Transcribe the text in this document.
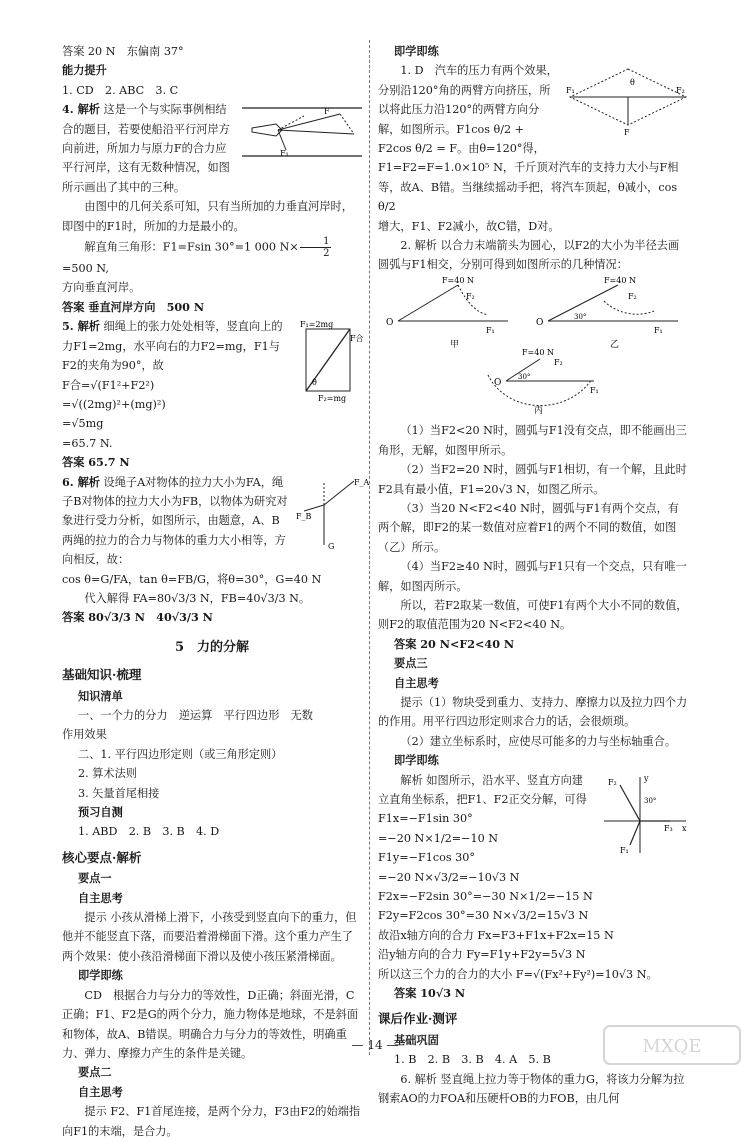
答案 20 N　东偏南 37°

能力提升

1. CD　2. ABC　3. C

F
F₁

4. 解析 这是一个与实际事例相结合的题目，若要使船沿平行河岸方向前进，所加力与原力F的合力应平行河岸，这有无数种情况，如图所示画出了其中的三种。

由图中的几何关系可知，只有当所加的力垂直河岸时，即图中的F1时，所加的力是最小的。

解直角三角形：F1=Fsin 30°=1 000 $N\times \frac{1}{2}$
=500 N,

方向垂直河岸。

答案 垂直河岸方向　500 N

F₁=2mg
F合
θ
F₂=mg

5. 解析 细绳上的张力处处相等，竖直向上的力F1=2mg，水平向右的力F2=mg，F1与F2的夹角为90°，故

F合=√(F1²+F2²)

=√((2mg)²+(mg)²)

=√5mg

=65.7 N.

答案 65.7 N

F_A
F_B
G

6. 解析 设绳子A对物体的拉力大小为FA，绳子B对物体的拉力大小为FB，以物体为研究对象进行受力分析，如图所示，由题意，A、B两绳的拉力的合力与物体的重力大小相等，方向相反，故：

cos θ=G/FA，tan θ=FB/G，将θ=30°，G=40 N

代入解得 FA=80√3/3 N，FB=40√3/3 N。

答案 80√3/3 N　40√3/3 N

5　力的分解

基础知识·梳理

知识清单

一、一个力的分力　逆运算　平行四边形　无数

作用效果

二、1. 平行四边形定则（或三角形定则）

2. 算术法则

3. 矢量首尾相接

预习自测

1. ABD　2. B　3. B　4. D

核心要点·解析

要点一

自主思考

提示 小孩从滑梯上滑下，小孩受到竖直向下的重力，但他并不能竖直下落，而要沿着滑梯面下滑。这个重力产生了两个效果：使小孩沿滑梯面下滑以及使小孩压紧滑梯面。

即学即练

CD　根据合力与分力的等效性，D正确；斜面光滑，C正确；F1、F2是G的两个分力，施力物体是地球，不是斜面和物体，故A、B错误。明确合力与分力的等效性，明确重力、弹力、摩擦力产生的条件是关键。

要点二

自主思考

提示 F2、F1首尾连接，是两个分力，F3由F2的始端指向F1的末端，是合力。

即学即练

θ
F₁	F₂
F

1. D　汽车的压力有两个效果，分别沿120°角的两臂方向挤压，所以将此压力沿120°的两臂方向分解，如图所示。F1cos θ/2 +

F2cos θ/2 = F。由θ=120°得，

F1=F2=F=1.0×10⁵ N，千斤顶对汽车的支持力大小与F相等，故A、B错。当继续摇动手把，将汽车顶起，θ减小，cos θ/2

增大，F1、F2减小，故C错，D对。

2. 解析 以合力末端箭头为圆心，以F2的大小为半径去画圆弧与F1相交，分别可得到如图所示的几种情况：

O
F=40 N
F₂
F₁
甲
O
F=40 N
F₂
F₁
30°
乙
O
F=40 N
F₂
F₁
30°
丙

（1）当F2<20 N时，圆弧与F1没有交点，即不能画出三角形，无解，如图甲所示。

（2）当F2=20 N时，圆弧与F1相切，有一个解，且此时F2具有最小值，F1=20√3 N，如图乙所示。

（3）当20 N<F2<40 N时，圆弧与F1有两个交点，有两个解，即F2的某一数值对应着F1的两个不同的数值，如图（乙）所示。

（4）当F2≥40 N时，圆弧与F1只有一个交点，只有唯一解，如图丙所示。

所以，若F2取某一数值，可使F1有两个大小不同的数值，则F2的取值范围为20 N<F2<40 N。

答案 20 N<F2<40 N

要点三

自主思考

提示（1）物块受到重力、支持力、摩擦力以及拉力四个力的作用。用平行四边形定则求合力的话，会很烦琐。

（2）建立坐标系时，应使尽可能多的力与坐标轴重合。

即学即练

y
x
F₂
F₁
F₃
30°

解析 如图所示，沿水平、竖直方向建立直角坐标系，把F1、F2正交分解，可得

F1x=−F1sin 30°

=−20 N×1/2=−10 N

F1y=−F1cos 30°

=−20 N×√3/2=−10√3 N

F2x=−F2sin 30°=−30 N×1/2=−15 N

F2y=F2cos 30°=30 N×√3/2=15√3 N

故沿x轴方向的合力 Fx=F3+F1x+F2x=15 N

沿y轴方向的合力 Fy=F1y+F2y=5√3 N

所以这三个力的合力的大小 F=√(Fx²+Fy²)=10√3 N。

答案 10√3 N

课后作业·测评

基础巩固

1. B　2. B　3. B　4. A　5. B

6. 解析 竖直绳上拉力等于物体的重力G，将该力分解为拉钢索AO的力FOA和压硬杆OB的力FOB，由几何

— 14 —	MXQE
